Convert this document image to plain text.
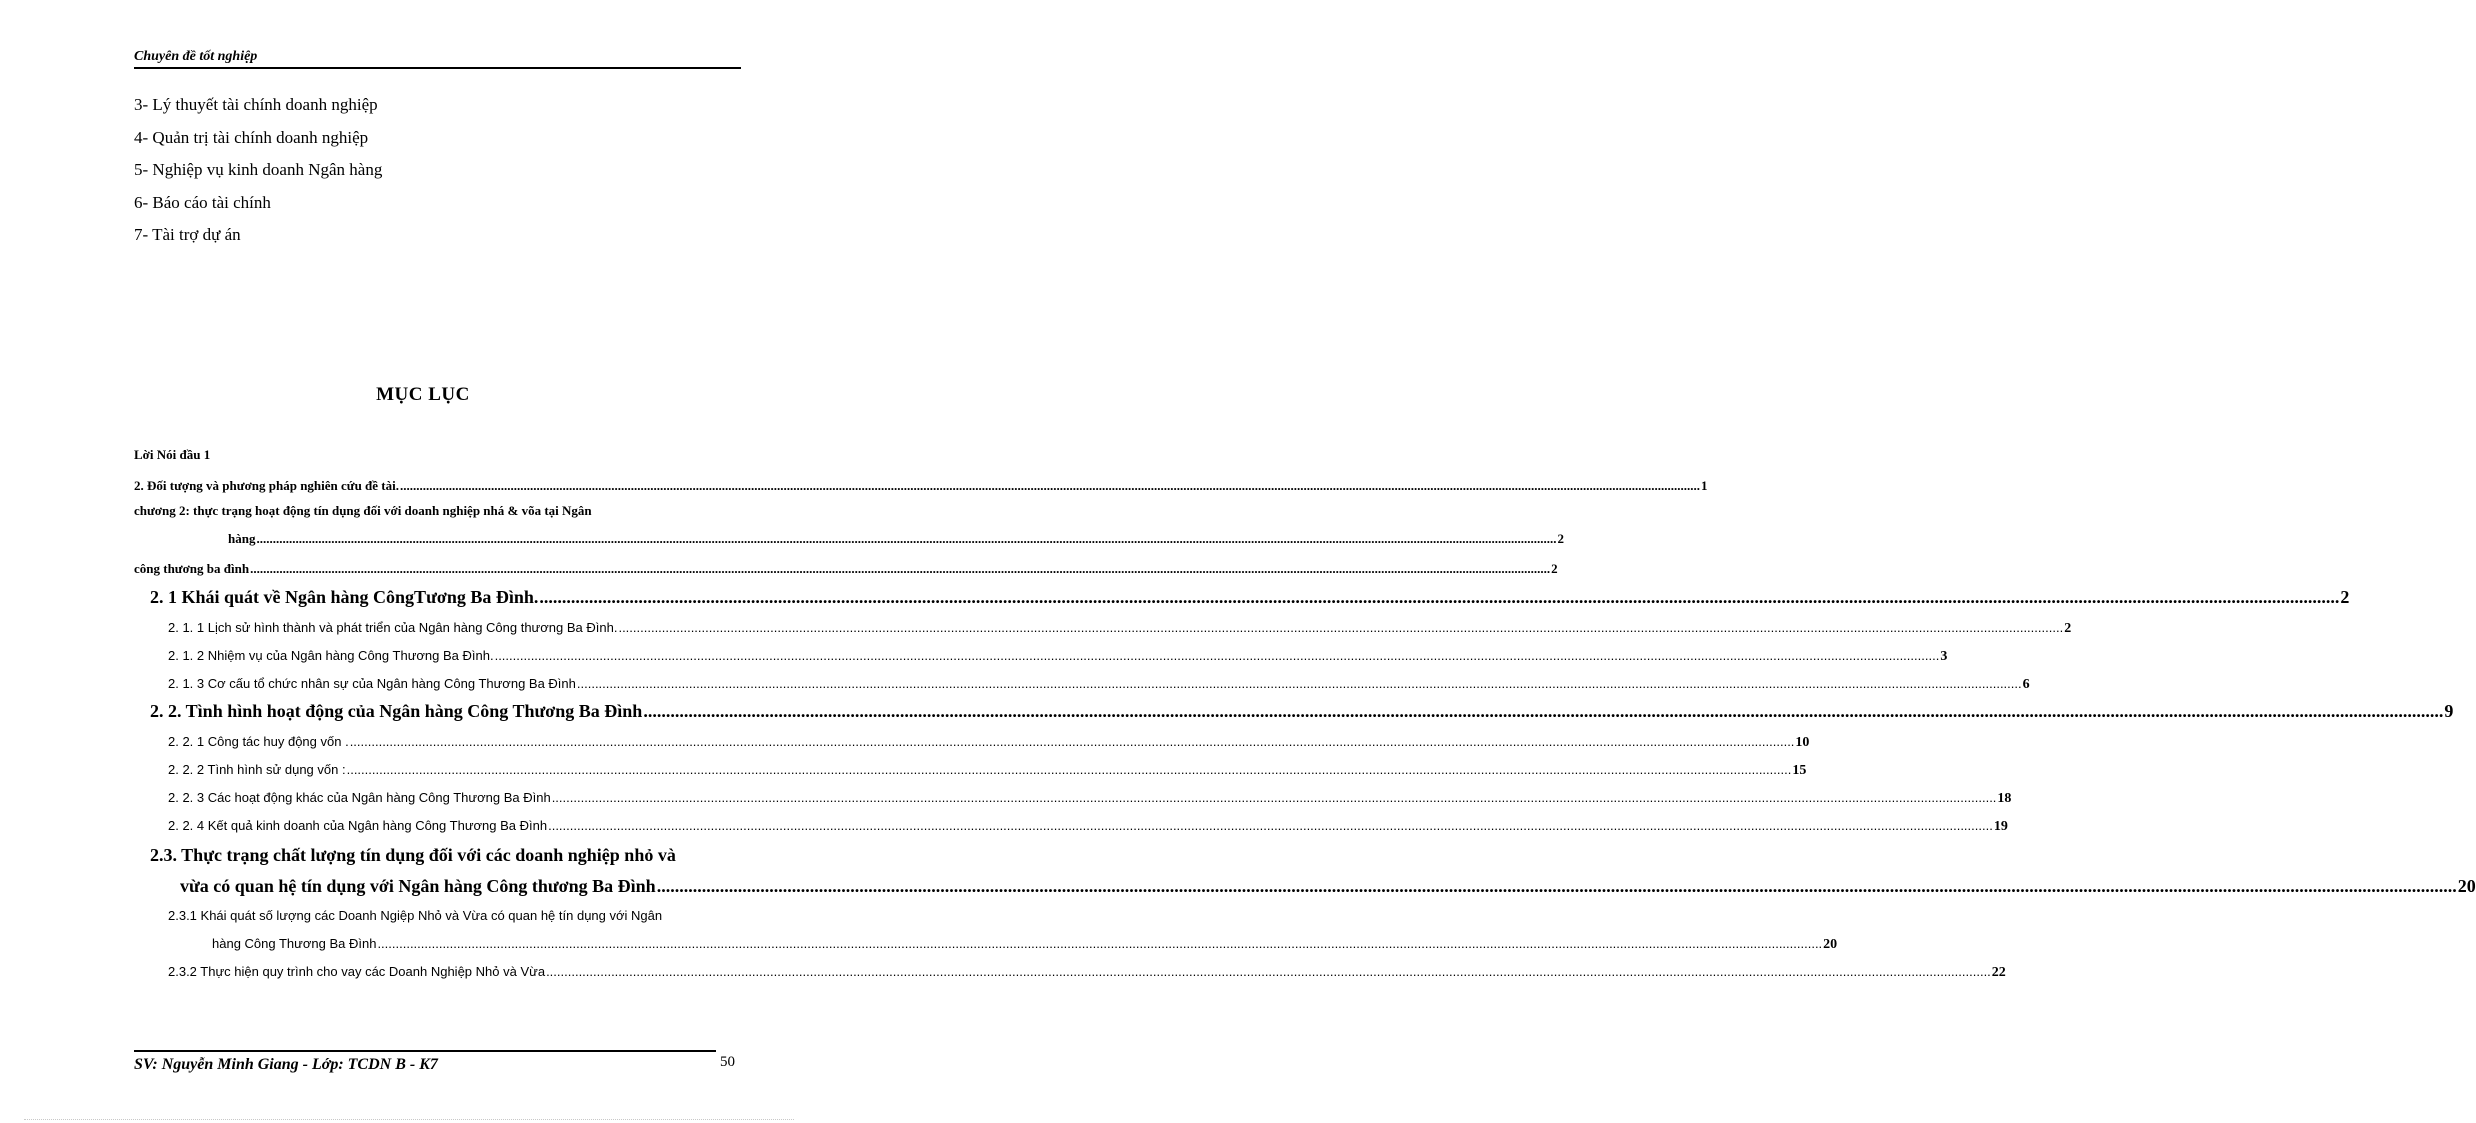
Chuyên đề tốt nghiệp
3- Lý thuyết tài chính doanh nghiệp
4- Quản trị tài chính doanh nghiệp
5- Nghiệp vụ kinh doanh Ngân hàng
6- Báo cáo tài chính
7- Tài trợ dự án
MỤC LỤC
Lời Nói đầu 1
2. Đối tượng và phương pháp nghiên cứu đề tài. ................................................................................................................................................................................................................................................................................................................................................................................................................ 1
chương 2: thực trạng hoạt động tín dụng đối với doanh nghiệp nhá & võa tại Ngân
hàng ................................................................................................................................................................................................................................................................................................................................................................................................................ 2
công thương ba đình ................................................................................................................................................................................................................................................................................................................................................................................................................ 2
2. 1 Khái quát về Ngân hàng CôngTương Ba Đình. ................................................................................................................................................................................................................................................................................................................................................................................................................ 2
2. 1. 1 Lịch sử hình thành và phát triển của Ngân hàng Công thương Ba Đình. ................................................................................................................................................................................................................................................................................................................................................................................................................ 2
2. 1. 2 Nhiệm vụ của Ngân hàng Công Thương Ba Đình. ................................................................................................................................................................................................................................................................................................................................................................................................................ 3
2. 1. 3 Cơ cấu tổ chức nhân sự của Ngân hàng Công Thương Ba Đình ................................................................................................................................................................................................................................................................................................................................................................................................................ 6
2. 2. Tình hình hoạt động của Ngân hàng Công Thương Ba Đình ................................................................................................................................................................................................................................................................................................................................................................................................................ 9
2. 2. 1 Công tác huy động vốn . ................................................................................................................................................................................................................................................................................................................................................................................................................ 10
2. 2. 2 Tình hình sử dụng vốn : ................................................................................................................................................................................................................................................................................................................................................................................................................ 15
2. 2. 3 Các hoạt động khác của Ngân hàng Công Thương Ba Đình ................................................................................................................................................................................................................................................................................................................................................................................................................ 18
2. 2. 4 Kết quả kinh doanh của Ngân hàng Công Thương Ba Đình ................................................................................................................................................................................................................................................................................................................................................................................................................ 19
2.3. Thực trạng chất lượng tín dụng đối với các doanh nghiệp nhỏ và
vừa có quan hệ tín dụng với Ngân hàng Công thương Ba Đình ................................................................................................................................................................................................................................................................................................................................................................................................................ 20
2.3.1 Khái quát số lượng các Doanh Ngiệp Nhỏ và Vừa có quan hệ tín dụng với Ngân
hàng Công Thương Ba Đình ................................................................................................................................................................................................................................................................................................................................................................................................................ 20
2.3.2 Thực hiện quy trình cho vay các Doanh Nghiệp Nhỏ và Vừa ................................................................................................................................................................................................................................................................................................................................................................................................................ 22
SV: Nguyễn Minh Giang - Lớp: TCDN B - K7	50
